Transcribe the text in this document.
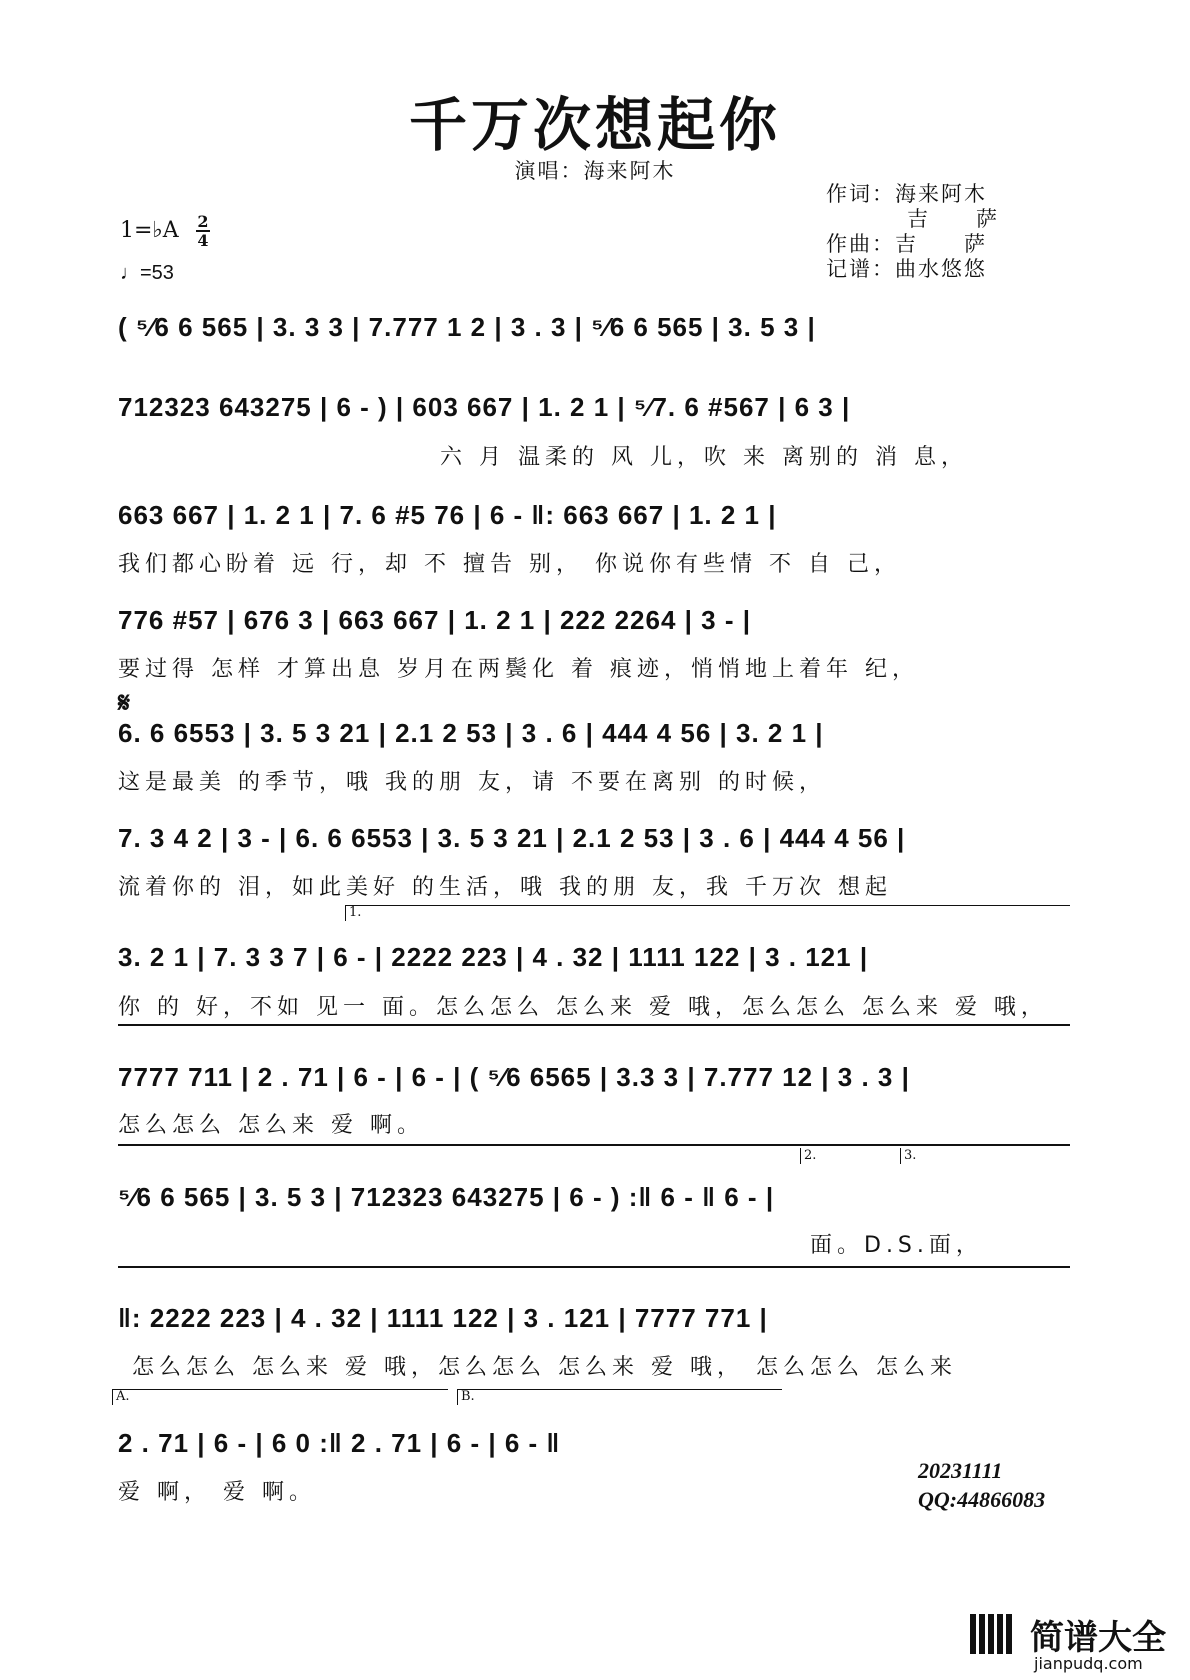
千万次想起你
演唱：海来阿木
作词：海来阿木
吉　　萨
作曲：吉　　萨
记谱：曲水悠悠
1=♭A 2
4
♩=53
( ⁵⁄6 6 565 | 3. 3 3 | 7.777 1 2 | 3 . 3 | ⁵⁄6 6 565 | 3. 5 3 |
712323 643275 | 6 - ) | 603 667 | 1. 2 1 | ⁵⁄7. 6 #567 | 6 3 |
六 月 温柔的 风 儿，吹 来 离别的 消 息，
663 667 | 1. 2 1 | 7. 6 #5 76 | 6 - ‖: 663 667 | 1. 2 1 |
我们都心盼着 远 行，却 不 擅告 别， 你说你有些情 不 自 己，
776 #57 | 676 3 | 663 667 | 1. 2 1 | 222 2264 | 3 - |
要过得 怎样 才算出息 岁月在两鬓化 着 痕迹，悄悄地上着年 纪，
𝄋
6. 6 6553 | 3. 5 3 21 | 2.1 2 53 | 3 . 6 | 444 4 56 | 3. 2 1 |
这是最美 的季节，哦 我的朋 友，请 不要在离别 的时候，
7. 3 4 2 | 3 - | 6. 6 6553 | 3. 5 3 21 | 2.1 2 53 | 3 . 6 | 444 4 56 |
流着你的 泪，如此美好 的生活，哦 我的朋 友，我 千万次 想起
1.
3. 2 1 | 7. 3 3 7 | 6 - | 2222 223 | 4 . 32 | 1111 122 | 3 . 121 |
你 的 好，不如 见一 面。怎么怎么 怎么来 爱 哦，怎么怎么 怎么来 爱 哦，
7777 711 | 2 . 71 | 6 - | 6 - | ( ⁵⁄6 6565 | 3.3 3 | 7.777 12 | 3 . 3 |
怎么怎么 怎么来 爱 啊。
2.	3.
⁵⁄6 6 565 | 3. 5 3 | 712323 643275 | 6 - ) :‖ 6 - ‖ 6 - |
面。D.S.面，
‖: 2222 223 | 4 . 32 | 1111 122 | 3 . 121 | 7777 771 |
怎么怎么 怎么来 爱 哦，怎么怎么 怎么来 爱 哦， 怎么怎么 怎么来
A.	B.
2 . 71 | 6 - | 6 0 :‖ 2 . 71 | 6 - | 6 - ‖
爱 啊， 爱 啊。
20231111
QQ:44866083
简谱大全
jianpudq.com
